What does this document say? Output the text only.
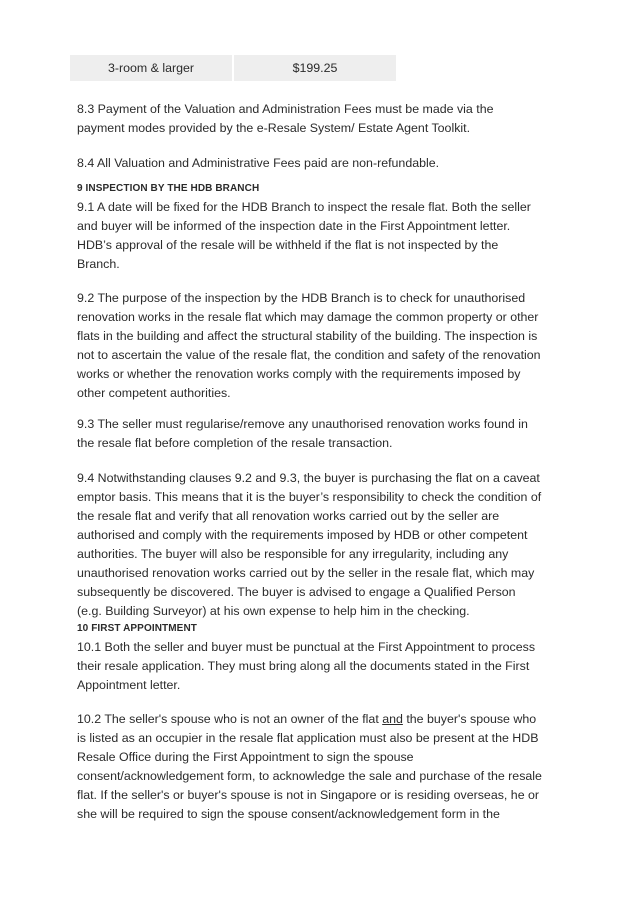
3-room & larger	$199.25

8.3 Payment of the Valuation and Administration Fees must be made via the
payment modes provided by the e-Resale System/ Estate Agent Toolkit.

8.4 All Valuation and Administrative Fees paid are non-refundable.

9 INSPECTION BY THE HDB BRANCH

9.1 A date will be fixed for the HDB Branch to inspect the resale flat. Both the seller
and buyer will be informed of the inspection date in the First Appointment letter.
HDB’s approval of the resale will be withheld if the flat is not inspected by the
Branch.

9.2 The purpose of the inspection by the HDB Branch is to check for unauthorised
renovation works in the resale flat which may damage the common property or other
flats in the building and affect the structural stability of the building. The inspection is
not to ascertain the value of the resale flat, the condition and safety of the renovation
works or whether the renovation works comply with the requirements imposed by
other competent authorities.

9.3 The seller must regularise/remove any unauthorised renovation works found in
the resale flat before completion of the resale transaction.

9.4 Notwithstanding clauses 9.2 and 9.3, the buyer is purchasing the flat on a caveat
emptor basis. This means that it is the buyer’s responsibility to check the condition of
the resale flat and verify that all renovation works carried out by the seller are
authorised and comply with the requirements imposed by HDB or other competent
authorities. The buyer will also be responsible for any irregularity, including any
unauthorised renovation works carried out by the seller in the resale flat, which may
subsequently be discovered. The buyer is advised to engage a Qualified Person
(e.g. Building Surveyor) at his own expense to help him in the checking.

10 FIRST APPOINTMENT

10.1 Both the seller and buyer must be punctual at the First Appointment to process
their resale application. They must bring along all the documents stated in the First
Appointment letter.

10.2 The seller's spouse who is not an owner of the flat and the buyer's spouse who
is listed as an occupier in the resale flat application must also be present at the HDB
Resale Office during the First Appointment to sign the spouse
consent/acknowledgement form, to acknowledge the sale and purchase of the resale
flat. If the seller's or buyer's spouse is not in Singapore or is residing overseas, he or
she will be required to sign the spouse consent/acknowledgement form in the
